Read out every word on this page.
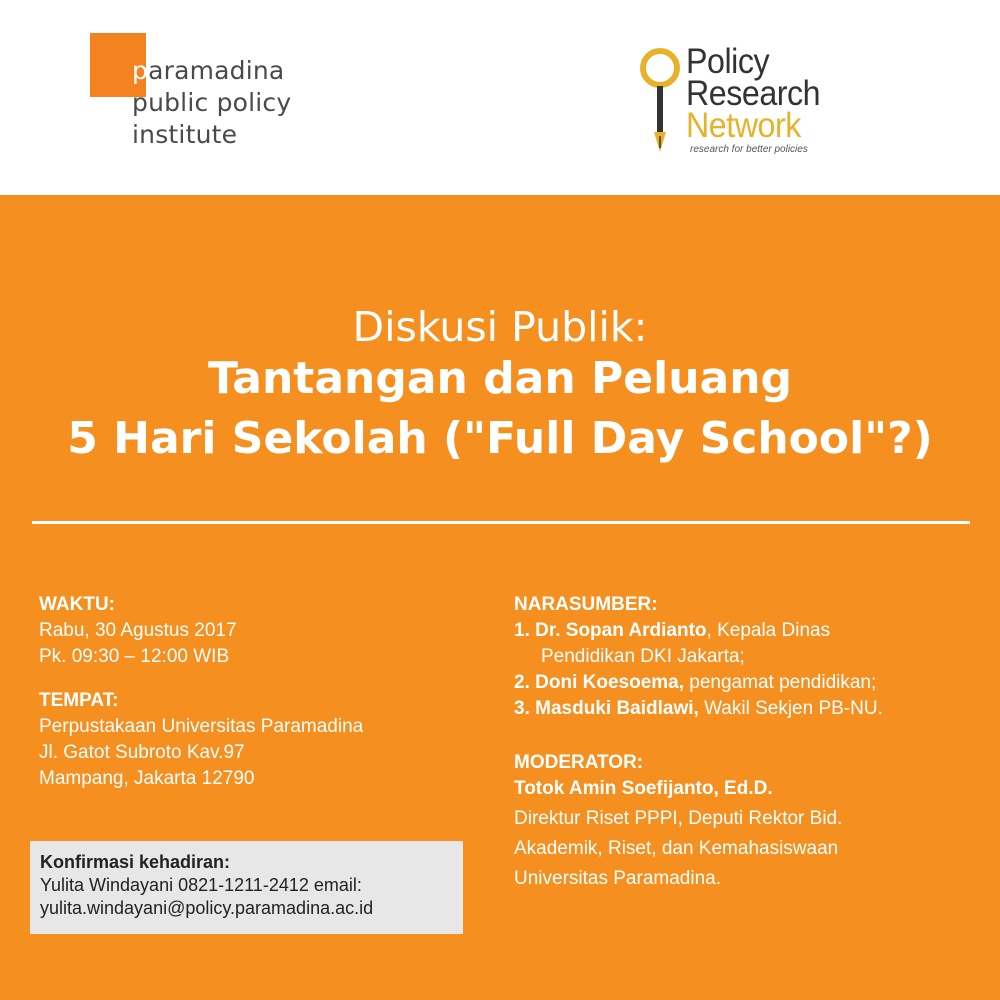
paramadina
public policy
institute
Policy
Research
Network
research for better policies
Diskusi Publik:
Tantangan dan Peluang
5 Hari Sekolah ("Full Day School"?)
WAKTU:
Rabu, 30 Agustus 2017
Pk. 09:30 – 12:00 WIB
TEMPAT:
Perpustakaan Universitas Paramadina
Jl. Gatot Subroto Kav.97
Mampang, Jakarta 12790
Konfirmasi kehadiran:
Yulita Windayani 0821-1211-2412 email:
yulita.windayani@policy.paramadina.ac.id
NARASUMBER:
1. Dr. Sopan Ardianto, Kepala Dinas
Pendidikan DKI Jakarta;
2. Doni Koesoema, pengamat pendidikan;
3. Masduki Baidlawi, Wakil Sekjen PB-NU.
MODERATOR:
Totok Amin Soefijanto, Ed.D.
Direktur Riset PPPI, Deputi Rektor Bid.
Akademik, Riset, dan Kemahasiswaan
Universitas Paramadina.
